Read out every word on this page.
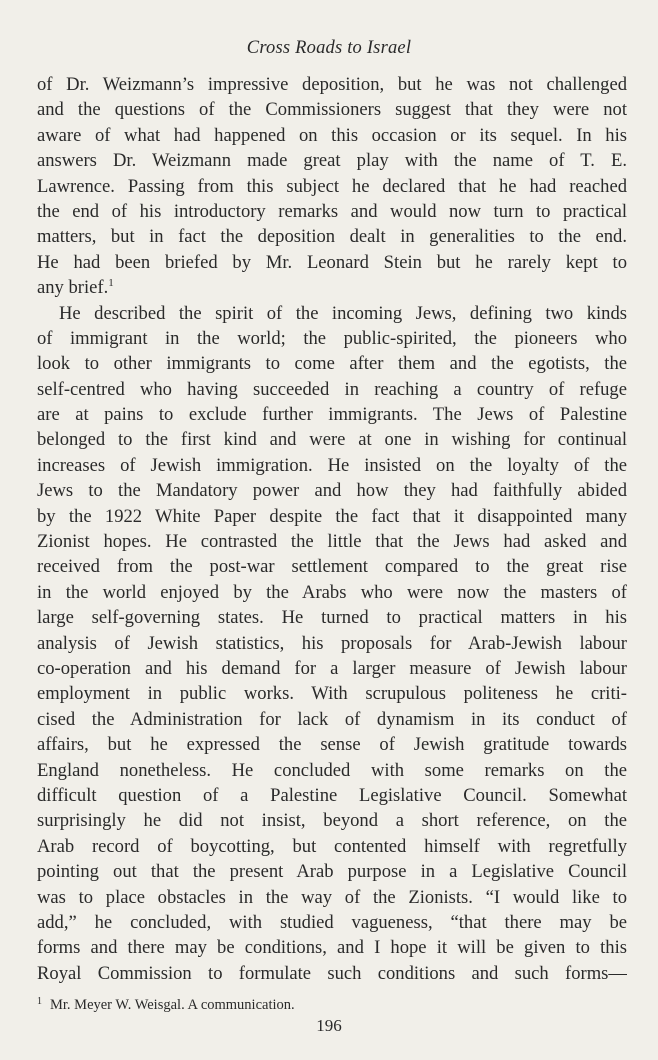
Cross Roads to Israel
of Dr. Weizmann’s impressive deposition, but he was not challenged
and the questions of the Commissioners suggest that they were not
aware of what had happened on this occasion or its sequel. In his
answers Dr. Weizmann made great play with the name of T. E.
Lawrence. Passing from this subject he declared that he had reached
the end of his introductory remarks and would now turn to practical
matters, but in fact the deposition dealt in generalities to the end.
He had been briefed by Mr. Leonard Stein but he rarely kept to
any brief.$^1$
He described the spirit of the incoming Jews, defining two kinds
of immigrant in the world; the public-spirited, the pioneers who
look to other immigrants to come after them and the egotists, the
self-centred who having succeeded in reaching a country of refuge
are at pains to exclude further immigrants. The Jews of Palestine
belonged to the first kind and were at one in wishing for continual
increases of Jewish immigration. He insisted on the loyalty of the
Jews to the Mandatory power and how they had faithfully abided
by the 1922 White Paper despite the fact that it disappointed many
Zionist hopes. He contrasted the little that the Jews had asked and
received from the post-war settlement compared to the great rise
in the world enjoyed by the Arabs who were now the masters of
large self-governing states. He turned to practical matters in his
analysis of Jewish statistics, his proposals for Arab-Jewish labour
co-operation and his demand for a larger measure of Jewish labour
employment in public works. With scrupulous politeness he criti-
cised the Administration for lack of dynamism in its conduct of
affairs, but he expressed the sense of Jewish gratitude towards
England nonetheless. He concluded with some remarks on the
difficult question of a Palestine Legislative Council. Somewhat
surprisingly he did not insist, beyond a short reference, on the
Arab record of boycotting, but contented himself with regretfully
pointing out that the present Arab purpose in a Legislative Council
was to place obstacles in the way of the Zionists. “I would like to
add,” he concluded, with studied vagueness, “that there may be
forms and there may be conditions, and I hope it will be given to this
Royal Commission to formulate such conditions and such forms—
$^1$ Mr. Meyer W. Weisgal. A communication.
196
